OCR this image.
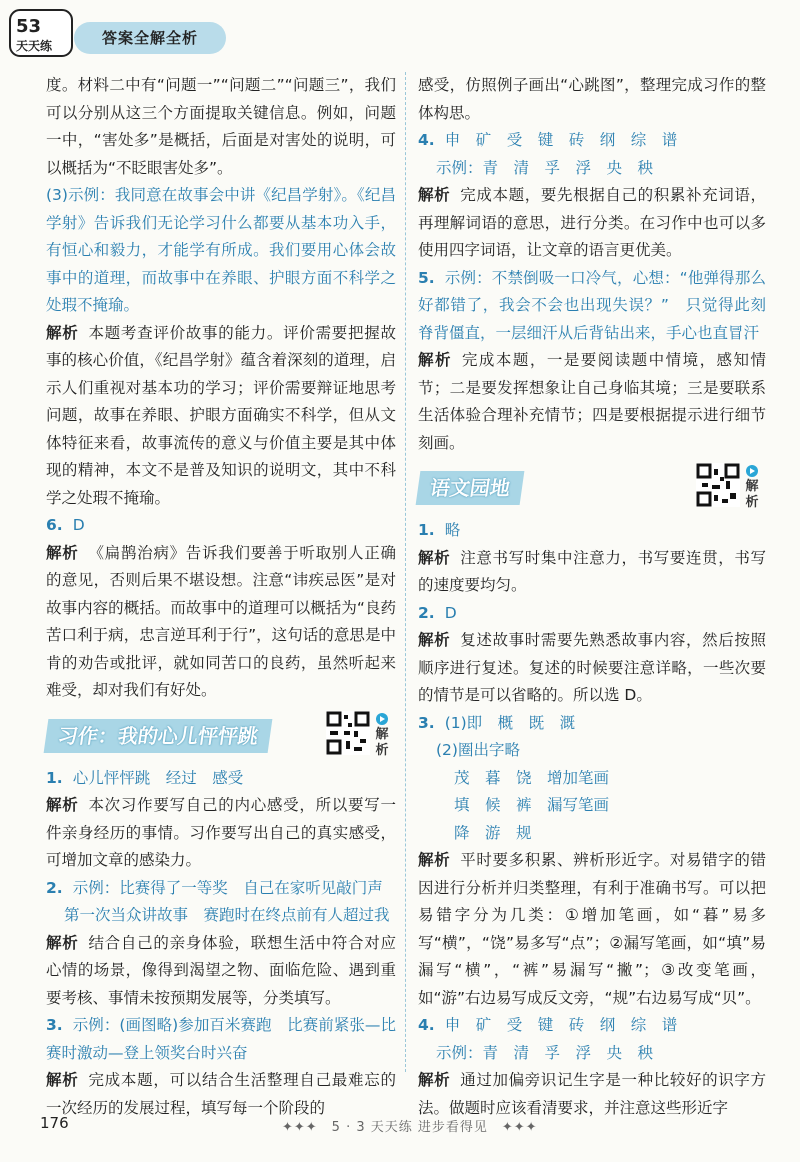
53
天天练	答案全解全析

度。材料二中有“问题一”“问题二”“问题三”，我们可以分别从这三个方面提取关键信息。例如，问题一中，“害处多”是概括，后面是对害处的说明，可以概括为“不眨眼害处多”。

(3)示例：我同意在故事会中讲《纪昌学射》。《纪昌学射》告诉我们无论学习什么都要从基本功入手，有恒心和毅力，才能学有所成。我们要用心体会故事中的道理，而故事中在养眼、护眼方面不科学之处瑕不掩瑜。

解析 本题考查评价故事的能力。评价需要把握故事的核心价值，《纪昌学射》蕴含着深刻的道理，启示人们重视对基本功的学习；评价需要辩证地思考问题，故事在养眼、护眼方面确实不科学，但从文体特征来看，故事流传的意义与价值主要是其中体现的精神，本文不是普及知识的说明文，其中不科学之处瑕不掩瑜。

6. D

解析 《扁鹊治病》告诉我们要善于听取别人正确的意见，否则后果不堪设想。注意“讳疾忌医”是对故事内容的概括。而故事中的道理可以概括为“良药苦口利于病，忠言逆耳利于行”，这句话的意思是中肯的劝告或批评，就如同苦口的良药，虽然听起来难受，却对我们有好处。

习作：我的心儿怦怦跳	解
析

1. 心儿怦怦跳　经过　感受

解析 本次习作要写自己的内心感受，所以要写一件亲身经历的事情。习作要写出自己的真实感受，可增加文章的感染力。

2. 示例：比赛得了一等奖　自己在家听见敲门声

第一次当众讲故事　赛跑时在终点前有人超过我

解析 结合自己的亲身体验，联想生活中符合对应心情的场景，像得到渴望之物、面临危险、遇到重要考核、事情未按预期发展等，分类填写。

3. 示例：(画图略)参加百米赛跑　比赛前紧张—比赛时激动—登上领奖台时兴奋

解析 完成本题，可以结合生活整理自己最难忘的一次经历的发展过程，填写每一个阶段的

感受，仿照例子画出“心跳图”，整理完成习作的整体构思。

4. 申　矿　受　键　砖　纲　综　谱

示例：青　清　孚　浮　央　秧

解析 完成本题，要先根据自己的积累补充词语，再理解词语的意思，进行分类。在习作中也可以多使用四字词语，让文章的语言更优美。

5. 示例：不禁倒吸一口冷气，心想：“他弹得那么好都错了，我会不会也出现失误？”　只觉得此刻脊背僵直，一层细汗从后背钻出来，手心也直冒汗

解析 完成本题，一是要阅读题中情境，感知情节；二是要发挥想象让自己身临其境；三是要联系生活体验合理补充情节；四是要根据提示进行细节刻画。

语文园地	解
析

1. 略

解析 注意书写时集中注意力，书写要连贯，书写的速度要均匀。

2. D

解析 复述故事时需要先熟悉故事内容，然后按照顺序进行复述。复述的时候要注意详略，一些次要的情节是可以省略的。所以选 D。

3. (1)即　概　既　溉

(2)圈出字略

茂　暮　饶　增加笔画

填　候　裤　漏写笔画

降　游　规

解析 平时要多积累、辨析形近字。对易错字的错因进行分析并归类整理，有利于准确书写。可以把易错字分为几类：①增加笔画，如“暮”易多写“横”，“饶”易多写“点”；②漏写笔画，如“填”易漏写“横”，“裤”易漏写“撇”；③改变笔画，如“游”右边易写成反文旁，“规”右边易写成“贝”。

4. 申　矿　受　键　砖　纲　综　谱

示例：青　清　孚　浮　央　秧

解析 通过加偏旁识记生字是一种比较好的识字方法。做题时应该看清要求，并注意这些形近字

176	✦✦✦　5 · 3 天天练 进步看得见　✦✦✦
